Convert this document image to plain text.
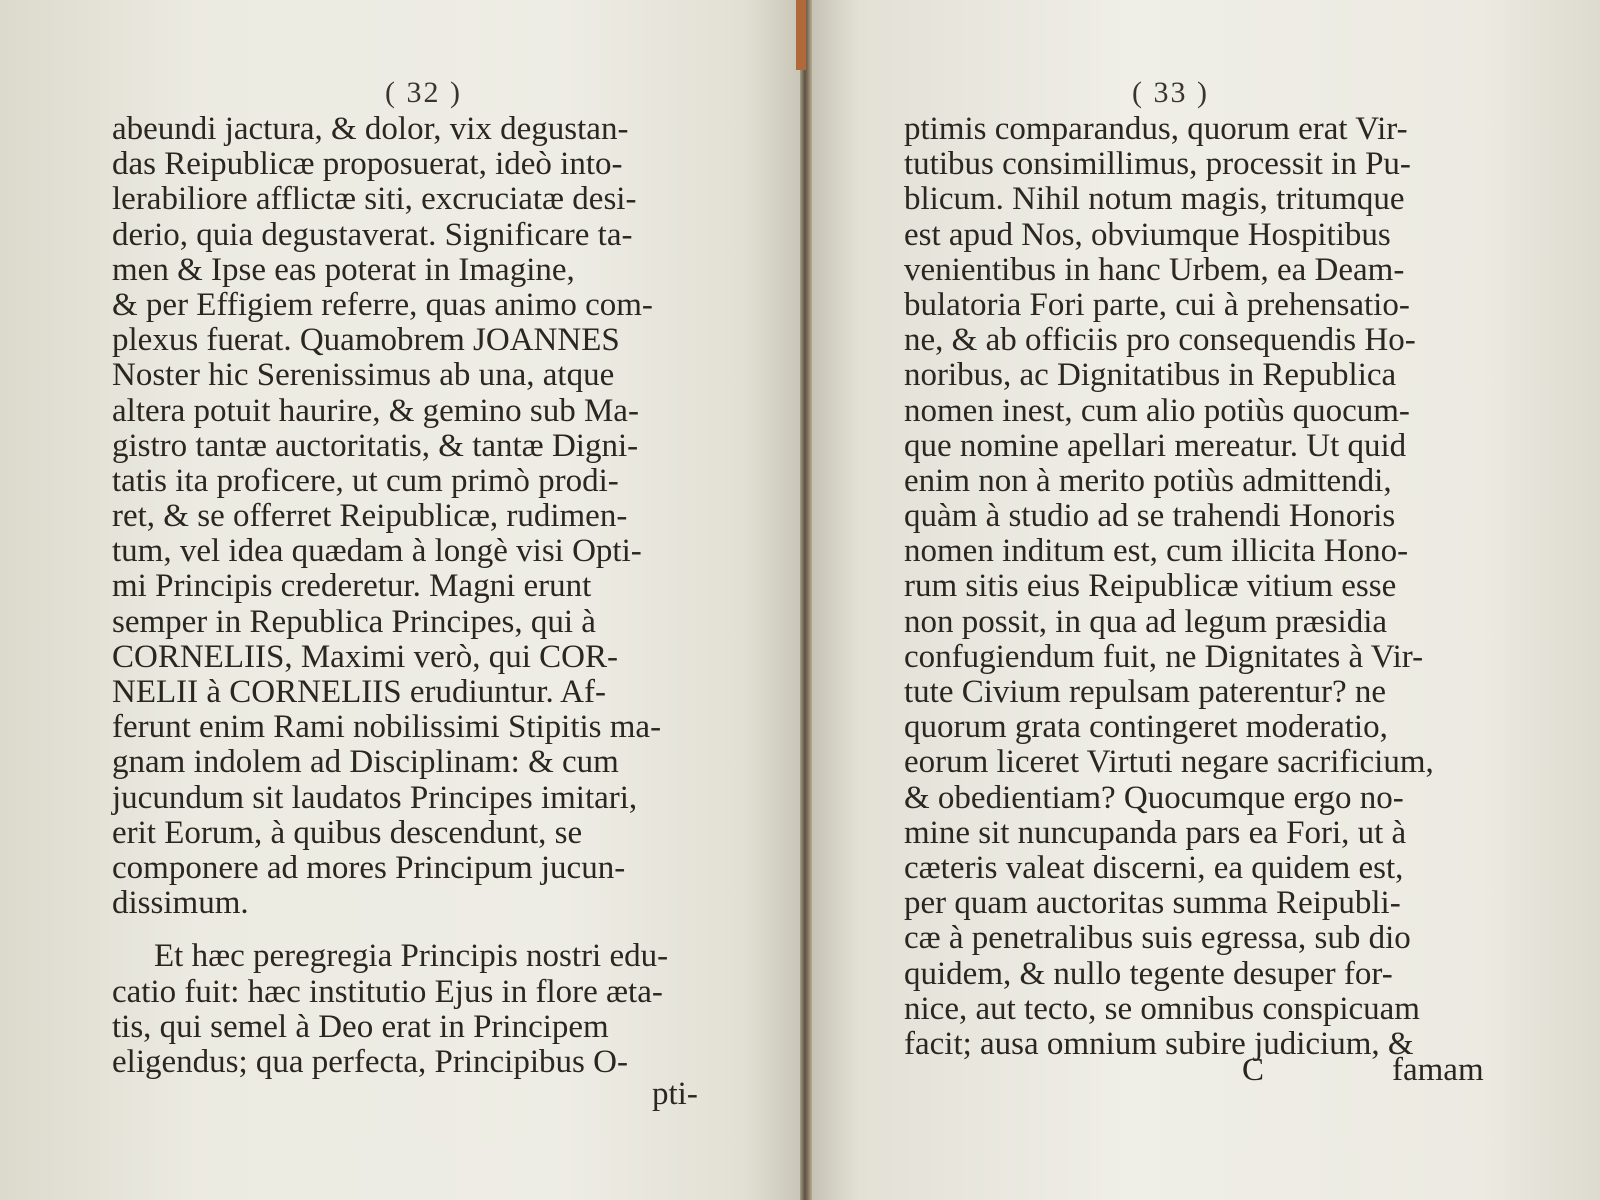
( 32 )
abeundi jactura, & dolor, vix degustan-
das Reipublicæ proposuerat, ideò into-
lerabiliore afflictæ siti, excruciatæ desi-
derio, quia degustaverat. Significare ta-
men & Ipse eas poterat in Imagine,
& per Effigiem referre, quas animo com-
plexus fuerat. Quamobrem JOANNES
Noster hic Serenissimus ab una, atque
altera potuit haurire, & gemino sub Ma-
gistro tantæ auctoritatis, & tantæ Digni-
tatis ita proficere, ut cum primò prodi-
ret, & se offerret Reipublicæ, rudimen-
tum, vel idea quædam à longè visi Opti-
mi Principis crederetur. Magni erunt
semper in Republica Principes, qui à
CORNELIIS, Maximi verò, qui COR-
NELII à CORNELIIS erudiuntur. Af-
ferunt enim Rami nobilissimi Stipitis ma-
gnam indolem ad Disciplinam: & cum
jucundum sit laudatos Principes imitari,
erit Eorum, à quibus descendunt, se
componere ad mores Principum jucun-
dissimum.
Et hæc peregregia Principis nostri edu-
catio fuit: hæc institutio Ejus in flore ætа-
tis, qui semel à Deo erat in Principem
eligendus; qua perfecta, Principibus O-
pti-
( 33 )
ptimis comparandus, quorum erat Vir-
tutibus consimillimus, processit in Pu-
blicum. Nihil notum magis, tritumque
est apud Nos, obviumque Hospitibus
venientibus in hanc Urbem, ea Deam-
bulatoria Fori parte, cui à prehensatio-
ne, & ab officiis pro consequendis Ho-
noribus, ac Dignitatibus in Republica
nomen inest, cum alio potiùs quocum-
que nomine apellari mereatur. Ut quid
enim non à merito potiùs admittendi,
quàm à studio ad se trahendi Honoris
nomen inditum est, cum illicita Hono-
rum sitis eius Reipublicæ vitium esse
non possit, in qua ad legum præsidia
confugiendum fuit, ne Dignitates à Vir-
tute Civium repulsam paterentur? ne
quorum grata contingeret moderatio,
eorum liceret Virtuti negare sacrificium,
& obedientiam? Quocumque ergo no-
mine sit nuncupanda pars ea Fori, ut à
cæteris valeat discerni, ea quidem est,
per quam auctoritas summa Reipubli-
cæ à penetralibus suis egressa, sub dio
quidem, & nullo tegente desuper for-
nice, aut tecto, se omnibus conspicuam
facit; ausa omnium subire judicium, &
C	famam
